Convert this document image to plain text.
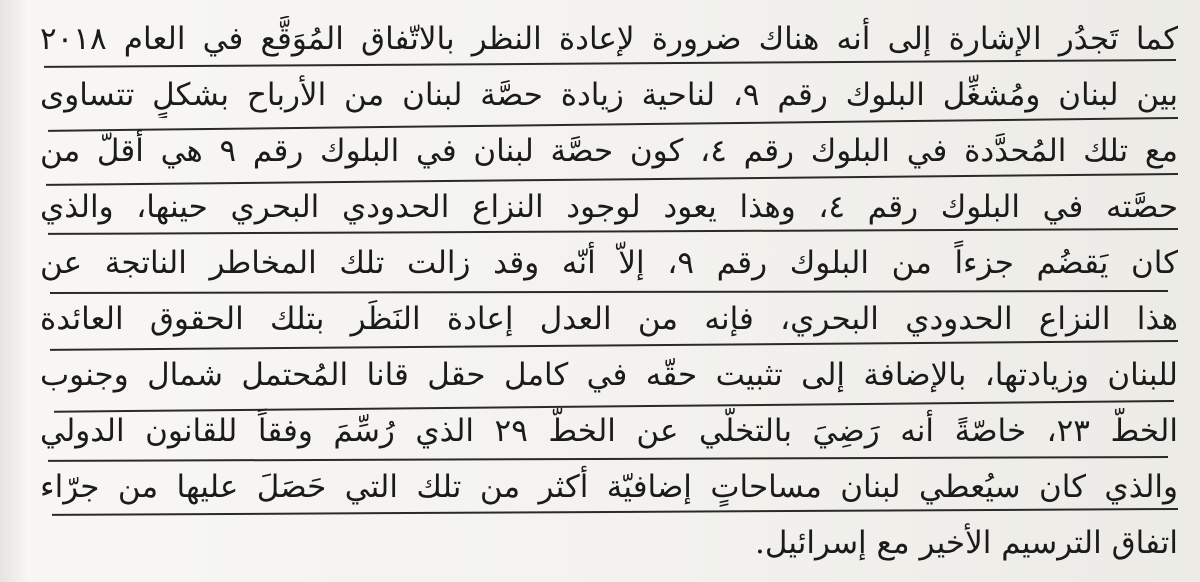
كما تَجدُر الإشارة إلى أنه هناك ضرورة لإعادة النظر بالاتّفاق المُوَقَّع في العام ٢٠١٨
بين لبنان ومُشغِّل البلوك رقم ٩، لناحية زيادة حصَّة لبنان من الأرباح بشكلٍ تتساوى
مع تلك المُحدَّدة في البلوك رقم ٤، كون حصَّة لبنان في البلوك رقم ٩ هي أقلّ من
حصَّته في البلوك رقم ٤، وهذا يعود لوجود النزاع الحدودي البحري حينها، والذي
كان يَقضُم جزءاً من البلوك رقم ٩، إلاّ أنّه وقد زالت تلك المخاطر الناتجة عن
هذا النزاع الحدودي البحري، فإنه من العدل إعادة النَظَر بتلك الحقوق العائدة
للبنان وزيادتها، بالإضافة إلى تثبيت حقّه في كامل حقل قانا المُحتمل شمال وجنوب
الخطّ ٢٣، خاصّةً أنه رَضِيَ بالتخلّي عن الخطّ ٢٩ الذي رُسِّمَ وفقاً للقانون الدولي
والذي كان سيُعطي لبنان مساحاتٍ إضافيّة أكثر من تلك التي حَصَلَ عليها من جرّاء
اتفاق الترسيم الأخير مع إسرائيل.
